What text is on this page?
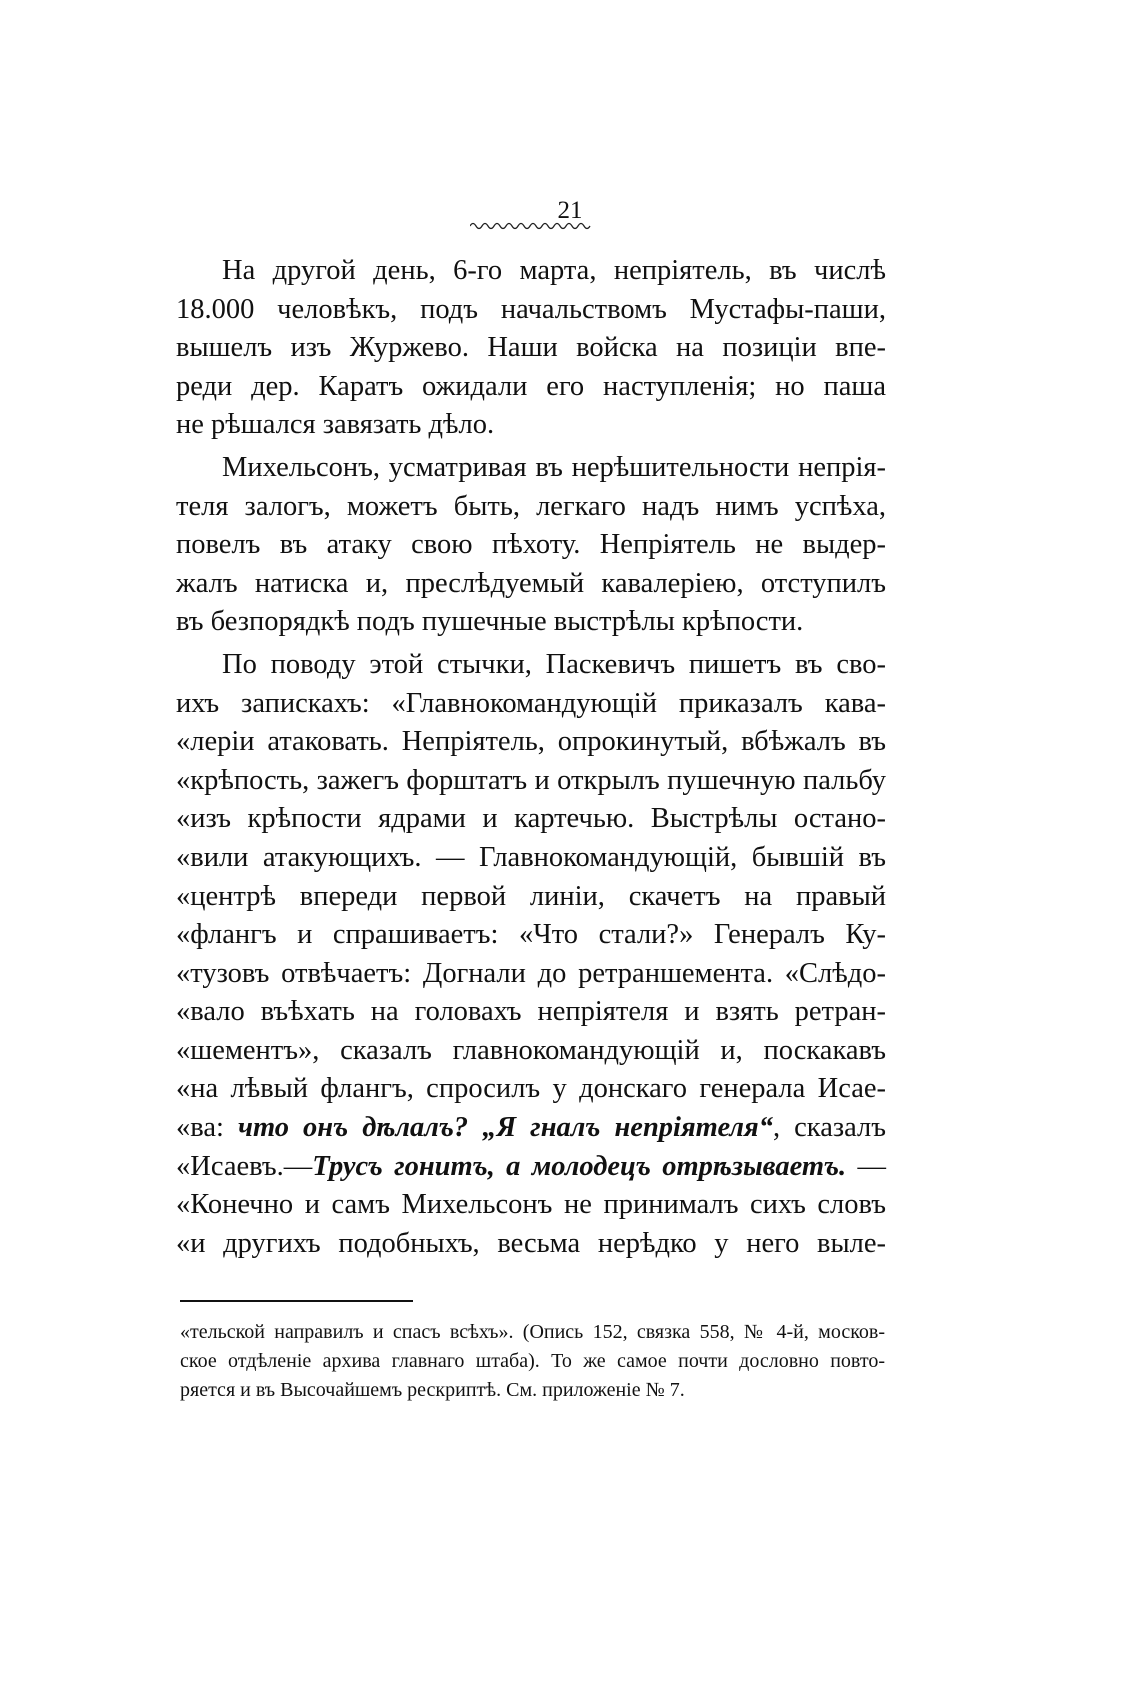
21
На другой день, 6-го марта, непріятель, въ числѣ
18.000 человѣкъ, подъ начальствомъ Мустафы-паши,
вышелъ изъ Журжево. Наши войска на позиціи впе-
реди дер. Каратъ ожидали его наступленія; но паша
не рѣшался завязать дѣло.
Михельсонъ, усматривая въ нерѣшительности непрія-
теля залогъ, можетъ быть, легкаго надъ нимъ успѣха,
повелъ въ атаку свою пѣхоту. Непріятель не выдер-
жалъ натиска и, преслѣдуемый кавалеріею, отступилъ
въ безпорядкѣ подъ пушечные выстрѣлы крѣпости.
По поводу этой стычки, Паскевичъ пишетъ въ сво-
ихъ запискахъ: «Главнокомандующій приказалъ кава-
«леріи атаковать. Непріятель, опрокинутый, вбѣжалъ въ
«крѣпость, зажегъ форштатъ и открылъ пушечную пальбу
«изъ крѣпости ядрами и картечью. Выстрѣлы остано-
«вили атакующихъ. — Главнокомандующій, бывшій въ
«центрѣ впереди первой линіи, скачетъ на правый
«флангъ и спрашиваетъ: «Что стали?» Генералъ Ку-
«тузовъ отвѣчаетъ: Догнали до ретраншемента. «Слѣдо-
«вало въѣхать на головахъ непріятеля и взять ретран-
«шементъ», сказалъ главнокомандующій и, поскакавъ
«на лѣвый флангъ, спросилъ у донскаго генерала Исае-
«ва: что онъ дѣлалъ? „Я гналъ непріятеля“, сказалъ
«Исаевъ.—Трусъ гонитъ, а молодецъ отрѣзываетъ. —
«Конечно и самъ Михельсонъ не принималъ сихъ словъ
«и другихъ подобныхъ, весьма нерѣдко у него выле-
«тельской направилъ и спасъ всѣхъ». (Опись 152, связка 558, № 4-й, москов-
ское отдѣленіе архива главнаго штаба). То же самое почти дословно повто-
ряется и въ Высочайшемъ рескриптѣ. См. приложеніе № 7.
